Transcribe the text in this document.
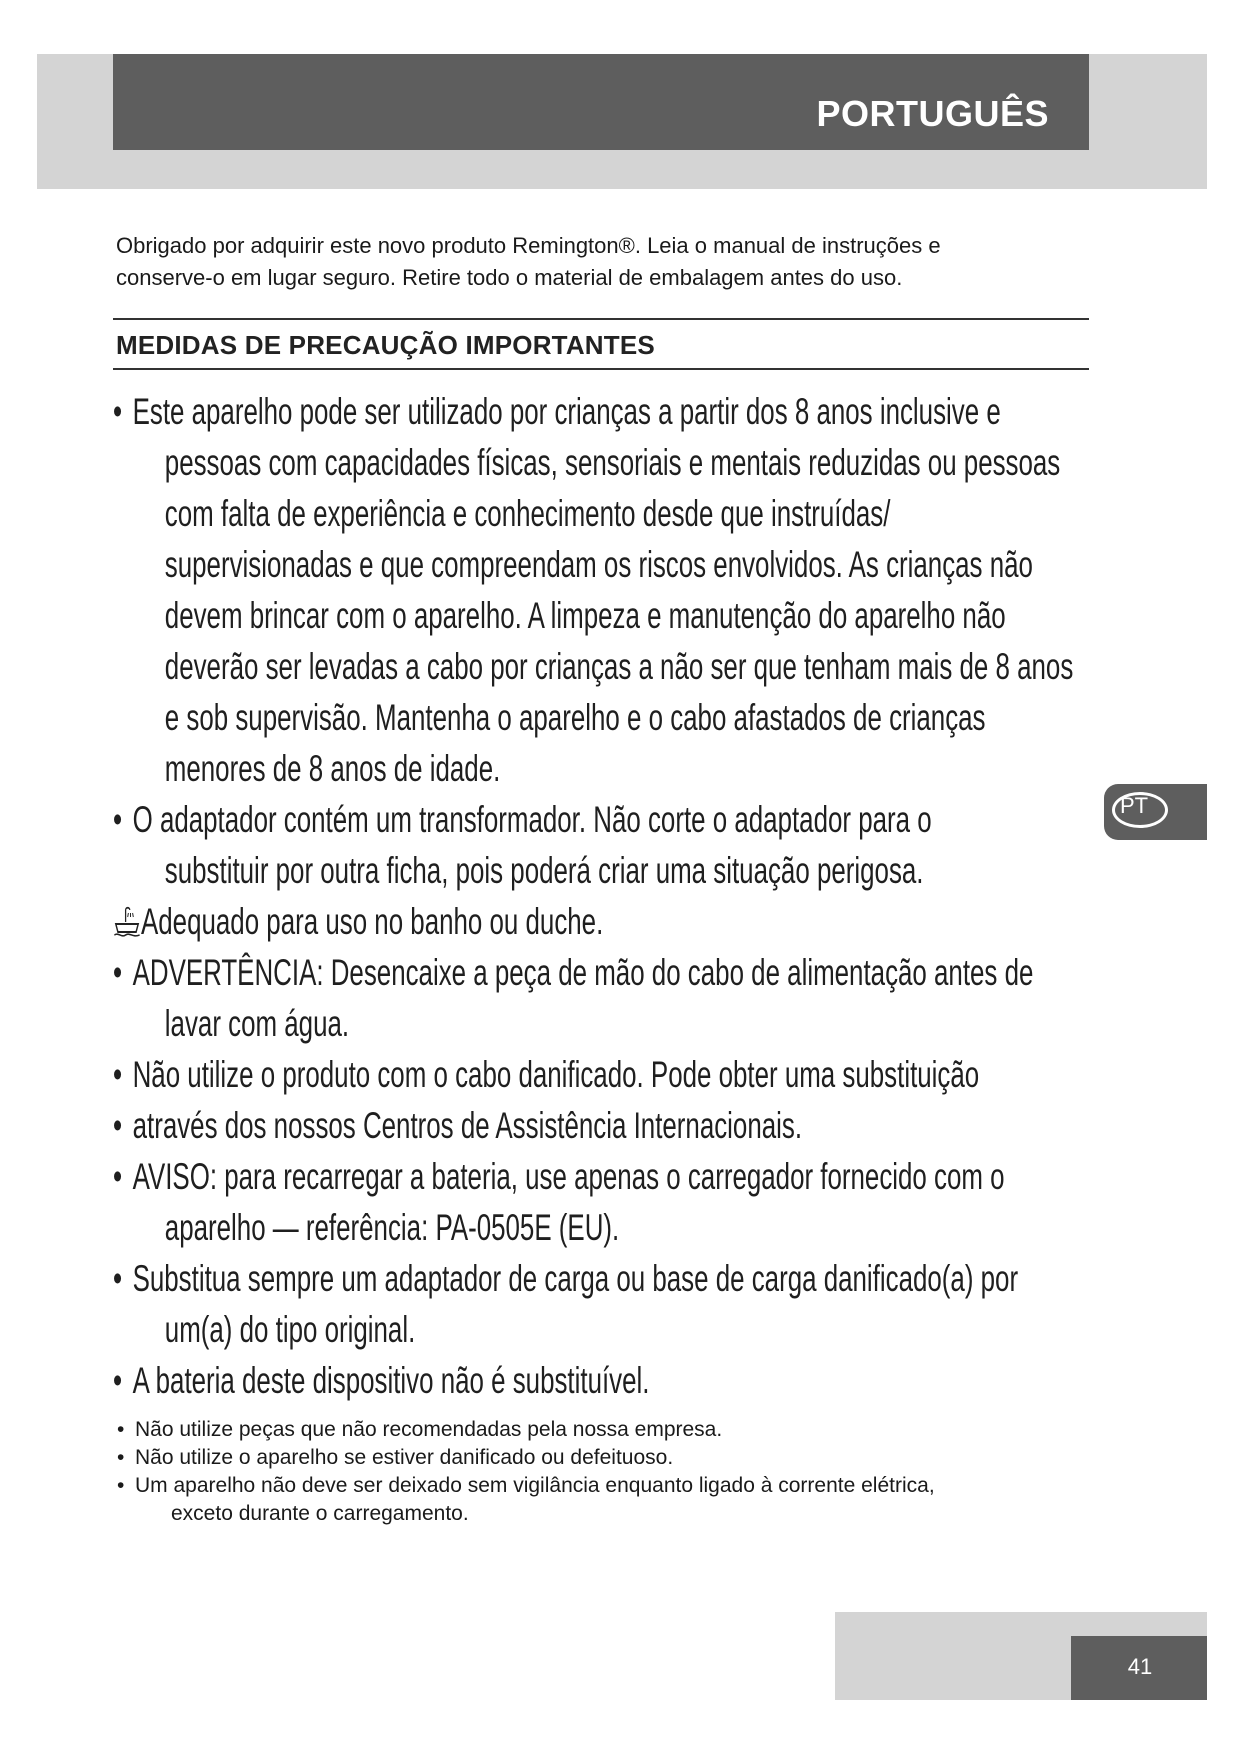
PORTUGUÊS
Obrigado por adquirir este novo produto Remington®. Leia o manual de instruções e
conserve-o em lugar seguro. Retire todo o material de embalagem antes do uso.
MEDIDAS DE PRECAUÇÃO IMPORTANTES
• Este aparelho pode ser utilizado por crianças a partir dos 8 anos inclusive e
pessoas com capacidades físicas, sensoriais e mentais reduzidas ou pessoas
com falta de experiência e conhecimento desde que instruídas/
supervisionadas e que compreendam os riscos envolvidos. As crianças não
devem brincar com o aparelho. A limpeza e manutenção do aparelho não
deverão ser levadas a cabo por crianças a não ser que tenham mais de 8 anos
e sob supervisão. Mantenha o aparelho e o cabo afastados de crianças
menores de 8 anos de idade.
• O adaptador contém um transformador. Não corte o adaptador para o
substituir por outra ficha, pois poderá criar uma situação perigosa.
Adequado para uso no banho ou duche.
• ADVERTÊNCIA: Desencaixe a peça de mão do cabo de alimentação antes de
lavar com água.
• Não utilize o produto com o cabo danificado. Pode obter uma substituição
• através dos nossos Centros de Assistência Internacionais.
• AVISO: para recarregar a bateria, use apenas o carregador fornecido com o
aparelho — referência: PA-0505E (EU).
• Substitua sempre um adaptador de carga ou base de carga danificado(a) por
um(a) do tipo original.
• A bateria deste dispositivo não é substituível.
• Não utilize peças que não recomendadas pela nossa empresa.
• Não utilize o aparelho se estiver danificado ou defeituoso.
• Um aparelho não deve ser deixado sem vigilância enquanto ligado à corrente elétrica,
exceto durante o carregamento.
PT
41
